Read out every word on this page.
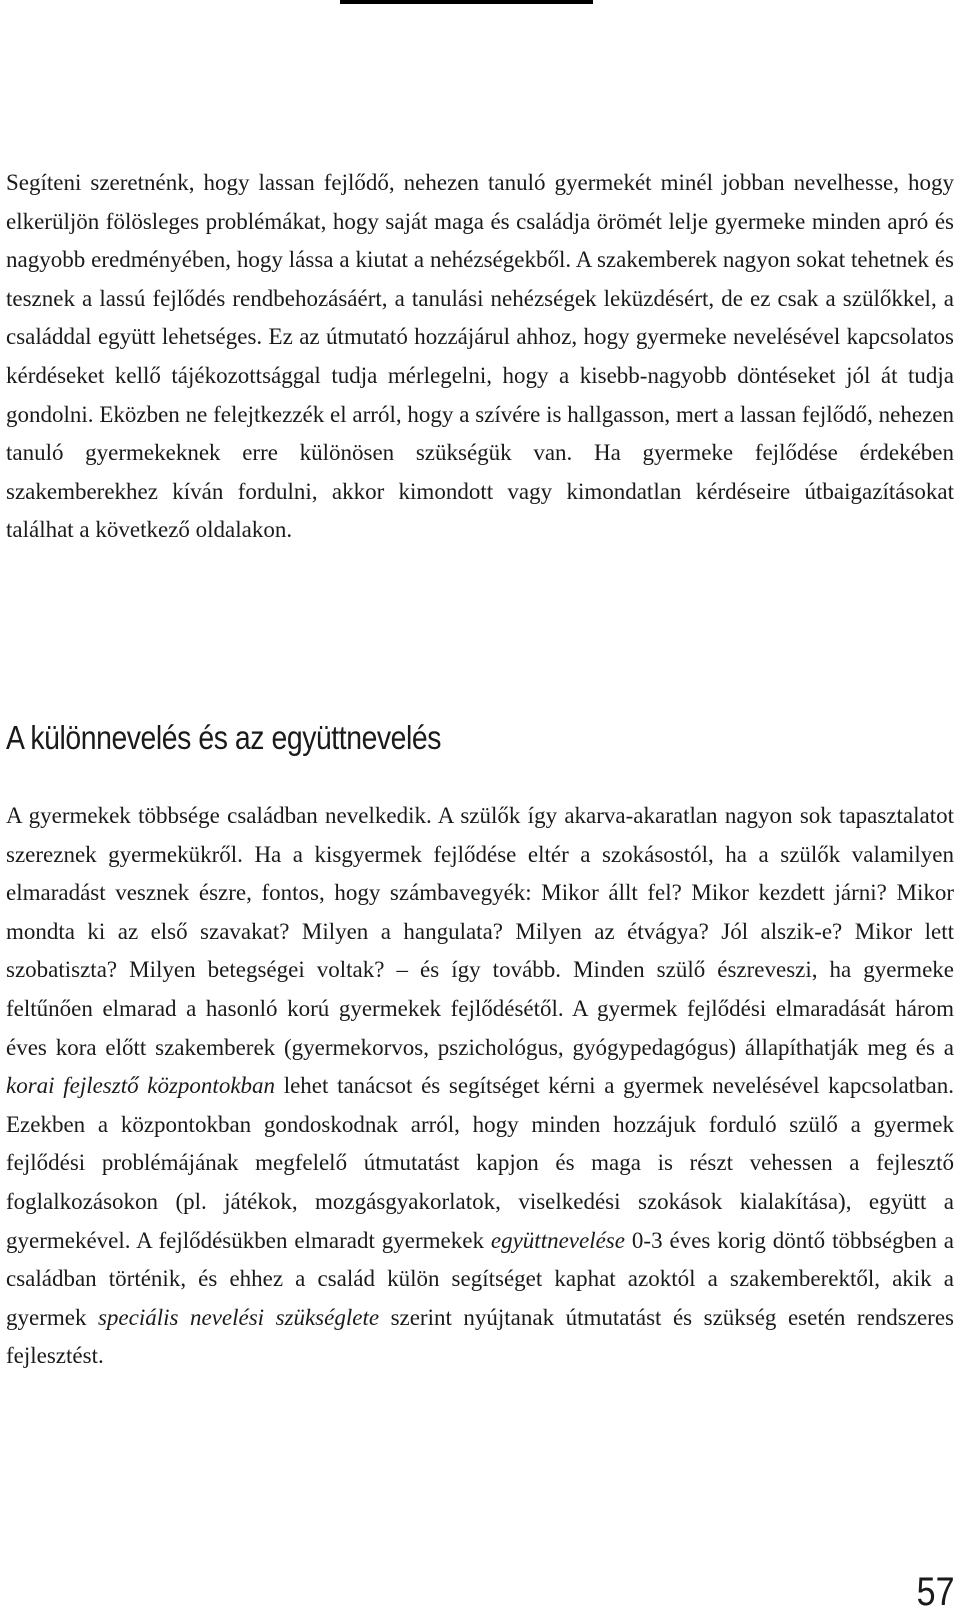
Segíteni szeretnénk, hogy lassan fejlődő, nehezen tanuló gyermekét minél jobban nevelhesse, hogy elkerüljön fölösleges problémákat, hogy saját maga és családja örömét lelje gyermeke minden apró és nagyobb eredményében, hogy lássa a kiutat a nehézségekből. A szakemberek nagyon sokat tehetnek és tesznek a lassú fejlődés rendbehozásáért, a tanulási nehézségek leküzdésért, de ez csak a szülőkkel, a családdal együtt lehetséges. Ez az útmutató hozzájárul ahhoz, hogy gyermeke nevelésével kapcsolatos kérdéseket kellő tájékozottsággal tudja mérlegelni, hogy a kisebb-nagyobb döntéseket jól át tudja gondolni. Eközben ne felejtkezzék el arról, hogy a szívére is hallgasson, mert a lassan fejlődő, nehezen tanuló gyermekeknek erre különösen szükségük van. Ha gyermeke fejlődése érdekében szakemberekhez kíván fordulni, akkor kimondott vagy kimondatlan kérdéseire útbaigazításokat találhat a következő oldalakon.

A különnevelés és az együttnevelés

A gyermekek többsége családban nevelkedik. A szülők így akarva-akaratlan nagyon sok tapasztalatot szereznek gyermekükről. Ha a kisgyermek fejlődése eltér a szokásostól, ha a szülők valamilyen elmaradást vesznek észre, fontos, hogy számbavegyék: Mikor állt fel? Mikor kezdett járni? Mikor mondta ki az első szavakat? Milyen a hangulata? Milyen az étvágya? Jól alszik-e? Mikor lett szobatiszta? Milyen betegségei voltak? – és így tovább. Minden szülő észreveszi, ha gyermeke feltűnően elmarad a hasonló korú gyermekek fejlődésétől. A gyermek fejlődési elmaradását három éves kora előtt szakemberek (gyermekorvos, pszichológus, gyógypedagógus) állapíthatják meg és a korai fejlesztő központokban lehet tanácsot és segítséget kérni a gyermek nevelésével kapcsolatban. Ezekben a központokban gondoskodnak arról, hogy minden hozzájuk forduló szülő a gyermek fejlődési problémájának megfelelő útmutatást kapjon és maga is részt vehessen a fejlesztő foglalkozásokon (pl. játékok, mozgásgyakorlatok, viselkedési szokások kialakítása), együtt a gyermekével. A fejlődésükben elmaradt gyermekek együttnevelése 0-3 éves korig döntő többségben a családban történik, és ehhez a család külön segítséget kaphat azoktól a szakemberektől, akik a gyermek speciális nevelési szükséglete szerint nyújtanak útmutatást és szükség esetén rendszeres fejlesztést.

57
